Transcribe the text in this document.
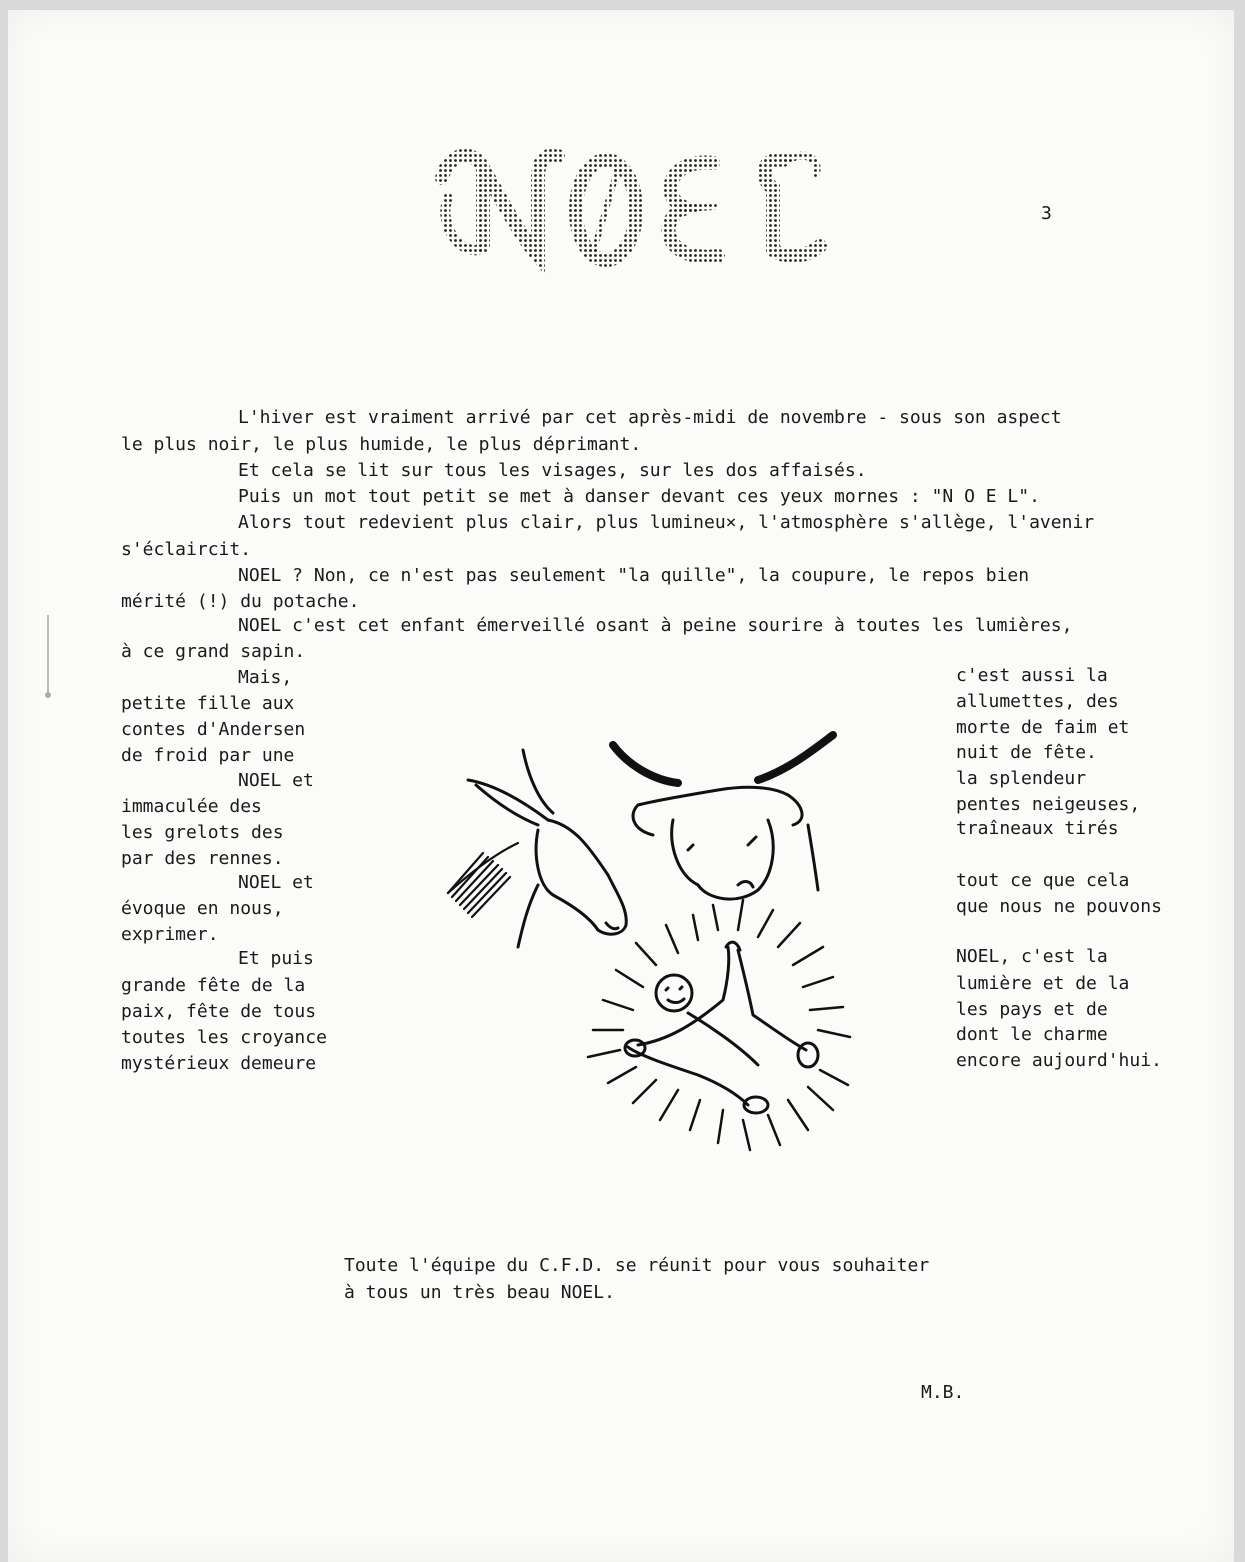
3
L'hiver est vraiment arrivé par cet après-midi de novembre - sous son aspect
le plus noir, le plus humide, le plus déprimant.
Et cela se lit sur tous les visages, sur les dos affaisés.
Puis un mot tout petit se met à danser devant ces yeux mornes : "N O E L".
Alors tout redevient plus clair, plus lumineu×, l'atmosphère s'allège, l'avenir
s'éclaircit.
NOEL ? Non, ce n'est pas seulement "la quille", la coupure, le repos bien
mérité (!) du potache.
NOEL c'est cet enfant émerveillé osant à peine sourire à toutes les lumières,
à ce grand sapin.
Mais,
petite fille aux
contes d'Andersen
de froid par une
NOEL et
immaculée des
les grelots des
par des rennes.
NOEL et
évoque en nous,
exprimer.
Et puis
grande fête de la
paix, fête de tous
toutes les croyance
mystérieux demeure
c'est aussi la
allumettes, des
morte de faim et
nuit de fête.
la splendeur
pentes neigeuses,
traîneaux tirés
tout ce que cela
que nous ne pouvons
NOEL, c'est la
lumière et de la
les pays et de
dont le charme
encore aujourd'hui.
Toute l'équipe du C.F.D. se réunit pour vous souhaiter
à tous un très beau NOEL.
M.B.
